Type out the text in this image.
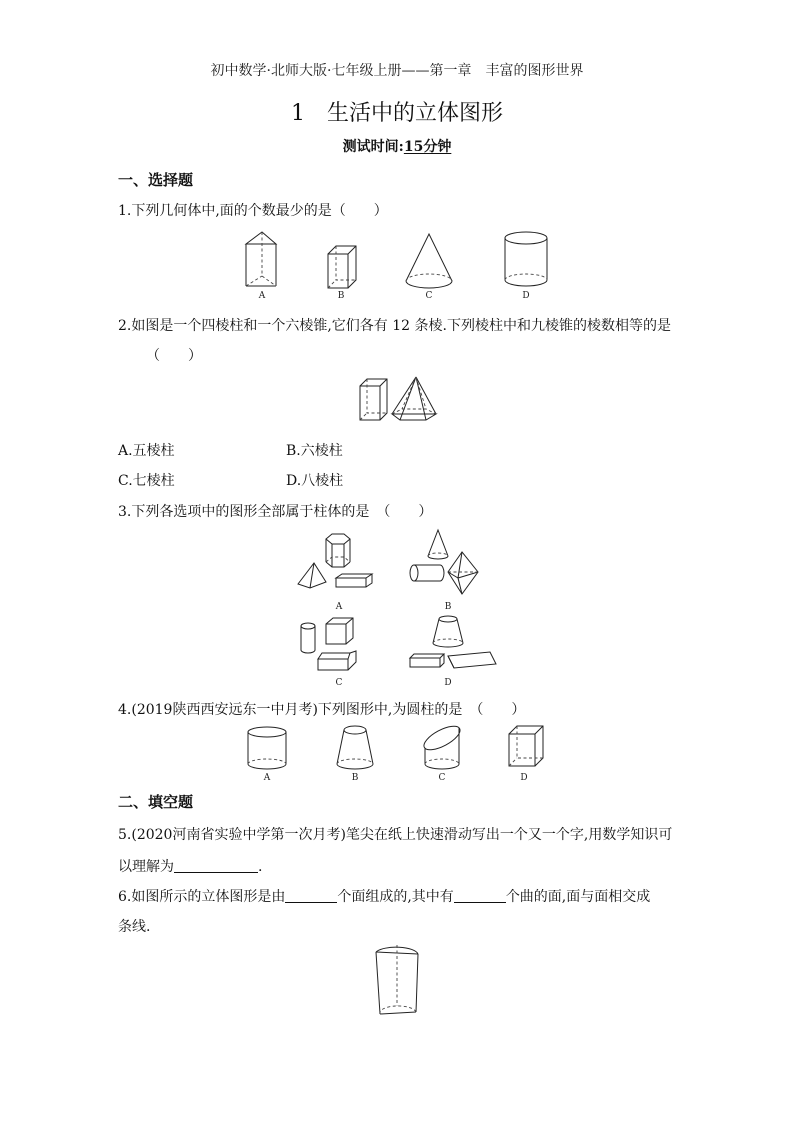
初中数学·北师大版·七年级上册——第一章　丰富的图形世界
1　生活中的立体图形
测试时间:15分钟
一、选择题
1.下列几何体中,面的个数最少的是（　　）
A	B	C	D
2.如图是一个四棱柱和一个六棱锥,它们各有 12 条棱.下列棱柱中和九棱锥的棱数相等的是
（　　）
A.五棱柱	B.六棱柱
C.七棱柱	D.八棱柱
3.下列各选项中的图形全部属于柱体的是　（　　）
A	B
C	D
4.(2019陕西西安远东一中月考)下列图形中,为圆柱的是　（　　）
A	B	C	D
二、填空题
5.(2020河南省实验中学第一次月考)笔尖在纸上快速滑动写出一个又一个字,用数学知识可
以理解为	.
6.如图所示的立体图形是由	个面组成的,其中有	个曲的面,面与面相交成
条线.
